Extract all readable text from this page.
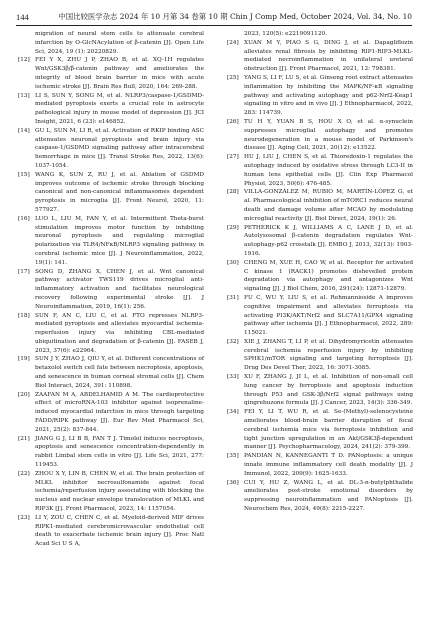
144	中国比较医学杂志 2024 年 10 月第 34 卷第 10 期 Chin J Comp Med, October 2024, Vol. 34, No. 10
migration of neural stem cells to attenuate cerebral infarction by O-GlcNAcylation of β-catenin [J]. Open Life Sci, 2024, 19 (1): 20220829.
[12] FEI Y X, ZHU J P, ZHAO B, et al. XQ-1H regulates Wnt/GSK3β/β-catenin pathway and ameliorates the integrity of blood brain barrier in mice with acute ischemic stroke [J]. Brain Res Bull, 2020, 164: 269-288.
[13] LI S, SUN Y, SONG M, et al. NLRP3/caspase-1/GSDMD-mediated pyroptosis exerts a crucial role in astrocyte pathological injury in mouse model of depression [J]. JCI Insight, 2021, 6 (23): e146852.
[14] GU L, SUN M, LI R, et al. Activation of RKIP binding ASC attenuates neuronal pyroptosis and brain injury via caspase-1/GSDMD signaling pathway after intracerebral hemorrhage in mice [J]. Transl Stroke Res, 2022, 13(6): 1037-1054.
[15] WANG K, SUN Z, RU J, et al. Ablation of GSDMD improves outcome of ischemic stroke through blocking canonical and non-canonical inflammasomes dependent pyroptosis in microglia [J]. Front Neurol, 2020, 11: 577927.
[16] LUO L, LIU M, FAN Y, et al. Intermittent Theta-burst stimulation improves motor function by inhibiting neuronal pyroptosis and regulating microglial polarization via TLR4/NFκB/NLRP3 signaling pathway in cerebral ischemic mice [J]. J Neuroinflammation, 2022, 19(1): 141.
[17] SONG D, ZHANG X, CHEN J, et al. Wnt canonical pathway activator TWS119 drives microglial anti-inflammatory activation and facilitates neurological recovery following experimental stroke [J]. J Neuroinflammation, 2019, 16(1): 256.
[18] SUN F, AN C, LIU C, et al. FTO represses NLRP3-mediated pyroptosis and alleviates myocardial ischemia-reperfusion injury via inhibiting CBL-mediated ubiquitination and degradation of β-catenin [J]. FASEB J, 2023, 37(6): e22964.
[19] SUN J Y, ZHAO J, QIU Y, et al. Different concentrations of betaxolol switch cell fate between necroptosis, apoptosis, and senescence in human corneal stromal cells [J]. Chem Biol Interact, 2024, 391: 110898.
[20] ZAAFAN M A, ABDELHAMID A M. The cardioprotective effect of microRNA-103 inhibitor against isoprenaline-induced myocardial infarction in mice through targeting FADD/RIPK pathway [J]. Eur Rev Med Pharmacol Sci, 2021, 25(2): 837-844.
[21] JIANG G J, LI B B, FAN T J. Timolol induces necroptosis, apoptosis and senescence concentration-dependently in rabbit Limbal stem cells in vitro [J]. Life Sci, 2021, 277: 119453.
[22] ZHOU X Y, LIN B, CHEN W, et al. The brain protection of MLKL inhibitor necrosulfonamide against focal ischemia/reperfusion injury associating with blocking the nucleus and nuclear envelope translocation of MLKL and RIP3K [J]. Front Pharmacol, 2023, 14: 1157054.
[23] LI Y, ZOU C, CHEN C, et al. Myeloid-derived MIF drives RIPK1-mediated cerebromicrovascular endothelial cell death to exacerbate ischemic brain injury [J]. Proc Natl Acad Sci U S A,
2023, 120(5): e2219091120.
[24] XUAN M Y, PIAO S G, DING J, et al. Dapagliflozin alleviates renal fibrosis by inhibiting RIP1-RIP3-MLKL-mediated necroinflammation in unilateral ureteral obstruction [J]. Front Pharmacol, 2021, 12: 798381.
[25] YANG S, LI F, LU S, et al. Ginseng root extract attenuates inflammation by inhibiting the MAPK/NF-κB signaling pathway and activating autophagy and p62-Nrf2-Keap1 signaling in vitro and in vivo [J]. J Ethnopharmacol, 2022, 283: 114739.
[26] TU H Y, YUAN B S, HOU X O, et al. α-synuclein suppresses microglial autophagy and promotes neurodegeneration in a mouse model of Parkinson's disease [J]. Aging Cell, 2021, 20(12): e13522.
[27] HU J, LIU J, CHEN S, et al. Thioredoxin-1 regulates the autophagy induced by oxidative stress through LC3-II in human lens epithelial cells [J]. Clin Exp Pharmacol Physiol, 2023, 50(6): 476-485.
[28] VILLA-GONZÁLEZ M, RUBIO M, MARTÍN-LÓPEZ G, et al. Pharmacological inhibition of mTORC1 reduces neural death and damage volume after MCAO by modulating microglial reactivity [J]. Biol Direct, 2024, 19(1): 26.
[29] PETHERICK K J, WILLIAMS A C, LANE J D, et al. Autolysosomal β-catenin degradation regulates Wnt-autophagy-p62 crosstalk [J]. EMBO J, 2013, 32(13): 1903-1916.
[30] CHENG M, XUE H, CAO W, et al. Receptor for activated C kinase 1 (RACK1) promotes dishevelled protein degradation via autophagy and antagonizes Wnt signaling [J]. J Biol Chem, 2016, 291(24): 12871-12879.
[31] FU C, WU Y, LIU S, et al. Rehmannioside A improves cognitive impairment and alleviates ferroptosis via activating PI3K/AKT/Nrf2 and SLC7A11/GPX4 signaling pathway after ischemia [J]. J Ethnopharmacol, 2022, 289: 115021.
[32] XIE J, ZHANG T, LI P, et al. Dihydromyricetin attenuates cerebral ischemia reperfusion injury by inhibiting SPHK1/mTOR signaling and targeting ferroptosis [J]. Drug Des Devel Ther, 2022, 16: 3071-3085.
[33] XU F, ZHANG J, JI L, et al. Inhibition of non-small cell lung cancer by ferroptosis and apoptosis induction through P53 and GSK-3β/Nrf2 signal pathways using qingrebuzone formula [J]. J Cancer, 2023, 14(3): 336-349.
[34] FEI Y, LI T, WU R, et al. Se-(Methyl)-selenocysteine ameliorates blood-brain barrier disruption of focal cerebral ischemia mice via ferroptosis inhibition and tight junction upregulation in an Akt/GSK3β-dependent manner [J]. Psychopharmacology, 2024, 241(2): 379-399.
[35] PANDIAN N, KANNEGANTI T D. PANoptosis: a unique innate immune inflammatory cell death modality [J]. J Immunol, 2022, 209(9): 1625-1633.
[36] CUI Y, HU Z, WANG L, et al. DL-3-n-butylphthalide ameliorates post-stroke emotional disorders by suppressing neuroinflammation and PANoptosis [J]. Neurochem Res, 2024, 49(8): 2215-2227.
